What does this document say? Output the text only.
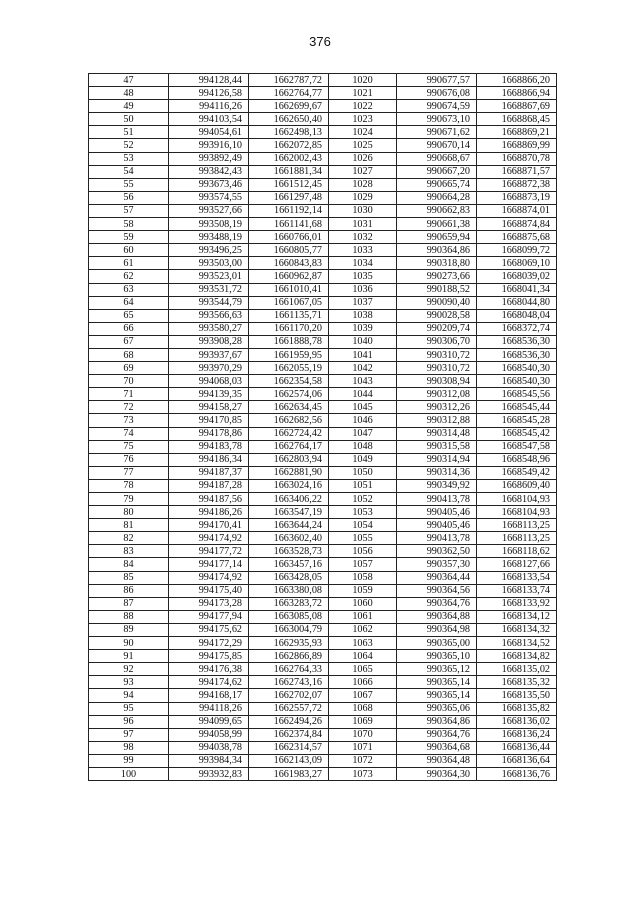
376
47	994128,44	1662787,72	1020	990677,57	1668866,20
48	994126,58	1662764,77	1021	990676,08	1668866,94
49	994116,26	1662699,67	1022	990674,59	1668867,69
50	994103,54	1662650,40	1023	990673,10	1668868,45
51	994054,61	1662498,13	1024	990671,62	1668869,21
52	993916,10	1662072,85	1025	990670,14	1668869,99
53	993892,49	1662002,43	1026	990668,67	1668870,78
54	993842,43	1661881,34	1027	990667,20	1668871,57
55	993673,46	1661512,45	1028	990665,74	1668872,38
56	993574,55	1661297,48	1029	990664,28	1668873,19
57	993527,66	1661192,14	1030	990662,83	1668874,01
58	993508,19	1661141,68	1031	990661,38	1668874,84
59	993488,19	1660766,01	1032	990659,94	1668875,68
60	993496,25	1660805,77	1033	990364,86	1668099,72
61	993503,00	1660843,83	1034	990318,80	1668069,10
62	993523,01	1660962,87	1035	990273,66	1668039,02
63	993531,72	1661010,41	1036	990188,52	1668041,34
64	993544,79	1661067,05	1037	990090,40	1668044,80
65	993566,63	1661135,71	1038	990028,58	1668048,04
66	993580,27	1661170,20	1039	990209,74	1668372,74
67	993908,28	1661888,78	1040	990306,70	1668536,30
68	993937,67	1661959,95	1041	990310,72	1668536,30
69	993970,29	1662055,19	1042	990310,72	1668540,30
70	994068,03	1662354,58	1043	990308,94	1668540,30
71	994139,35	1662574,06	1044	990312,08	1668545,56
72	994158,27	1662634,45	1045	990312,26	1668545,44
73	994170,85	1662682,56	1046	990312,88	1668545,28
74	994178,86	1662724,42	1047	990314,48	1668545,42
75	994183,78	1662764,17	1048	990315,58	1668547,58
76	994186,34	1662803,94	1049	990314,94	1668548,96
77	994187,37	1662881,90	1050	990314,36	1668549,42
78	994187,28	1663024,16	1051	990349,92	1668609,40
79	994187,56	1663406,22	1052	990413,78	1668104,93
80	994186,26	1663547,19	1053	990405,46	1668104,93
81	994170,41	1663644,24	1054	990405,46	1668113,25
82	994174,92	1663602,40	1055	990413,78	1668113,25
83	994177,72	1663528,73	1056	990362,50	1668118,62
84	994177,14	1663457,16	1057	990357,30	1668127,66
85	994174,92	1663428,05	1058	990364,44	1668133,54
86	994175,40	1663380,08	1059	990364,56	1668133,74
87	994173,28	1663283,72	1060	990364,76	1668133,92
88	994177,94	1663085,08	1061	990364,88	1668134,12
89	994175,62	1663004,79	1062	990364,98	1668134,32
90	994172,29	1662935,93	1063	990365,00	1668134,52
91	994175,85	1662866,89	1064	990365,10	1668134,82
92	994176,38	1662764,33	1065	990365,12	1668135,02
93	994174,62	1662743,16	1066	990365,14	1668135,32
94	994168,17	1662702,07	1067	990365,14	1668135,50
95	994118,26	1662557,72	1068	990365,06	1668135,82
96	994099,65	1662494,26	1069	990364,86	1668136,02
97	994058,99	1662374,84	1070	990364,76	1668136,24
98	994038,78	1662314,57	1071	990364,68	1668136,44
99	993984,34	1662143,09	1072	990364,48	1668136,64
100	993932,83	1661983,27	1073	990364,30	1668136,76
